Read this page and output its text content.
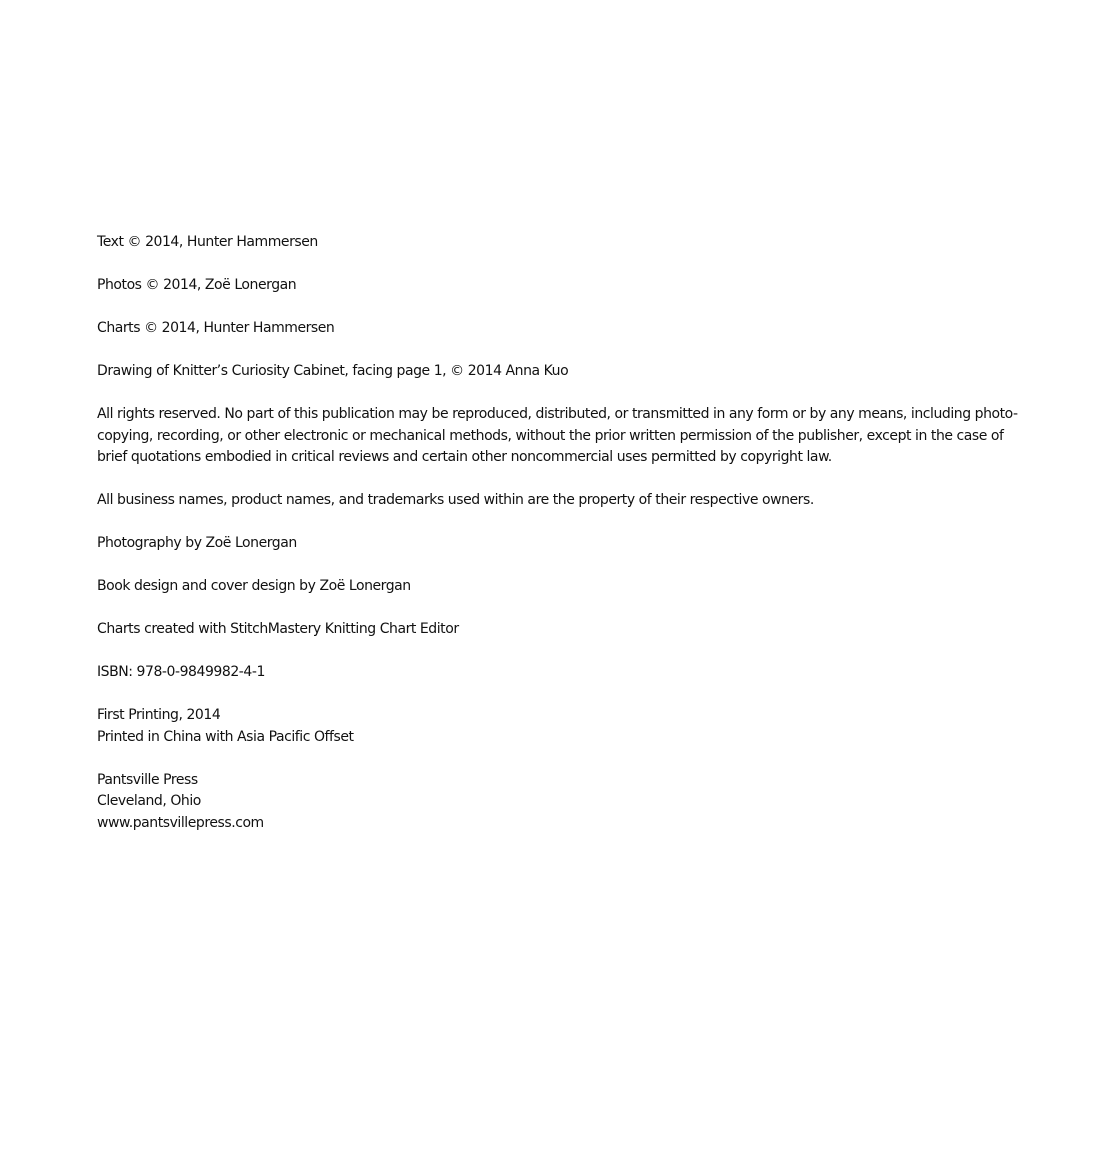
Text © 2014, Hunter Hammersen

Photos © 2014, Zoë Lonergan

Charts © 2014, Hunter Hammersen

Drawing of Knitter’s Curiosity Cabinet, facing page 1, © 2014 Anna Kuo

All rights reserved. No part of this publication may be reproduced, distributed, or transmitted in any form or by any means, including photo-
copying, recording, or other electronic or mechanical methods, without the prior written permission of the publisher, except in the case of
brief quotations embodied in critical reviews and certain other noncommercial uses permitted by copyright law.

All business names, product names, and trademarks used within are the property of their respective owners.

Photography by Zoë Lonergan

Book design and cover design by Zoë Lonergan

Charts created with StitchMastery Knitting Chart Editor

ISBN: 978-0-9849982-4-1

First Printing, 2014
Printed in China with Asia Pacific Offset

Pantsville Press
Cleveland, Ohio
www.pantsvillepress.com
